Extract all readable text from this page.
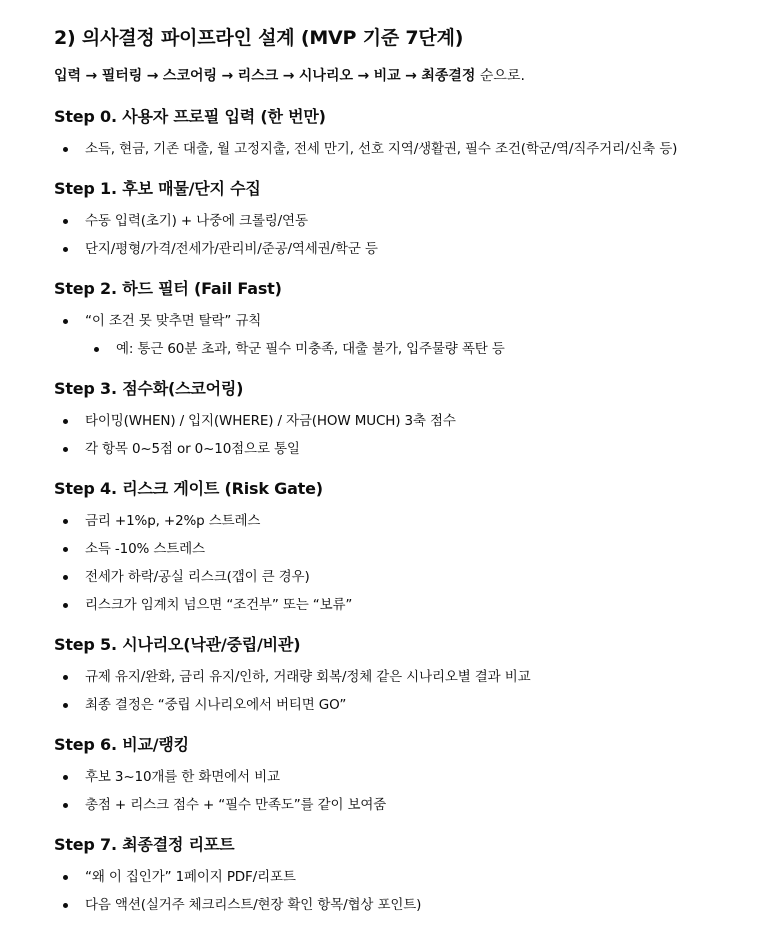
2) 의사결정 파이프라인 설계 (MVP 기준 7단계)

입력 → 필터링 → 스코어링 → 리스크 → 시나리오 → 비교 → 최종결정 순으로.

Step 0. 사용자 프로필 입력 (한 번만)
소득, 현금, 기존 대출, 월 고정지출, 전세 만기, 선호 지역/생활권, 필수 조건(학군/역/직주거리/신축 등)
Step 1. 후보 매물/단지 수집
수동 입력(초기) + 나중에 크롤링/연동
단지/평형/가격/전세가/관리비/준공/역세권/학군 등
Step 2. 하드 필터 (Fail Fast)
“이 조건 못 맞추면 탈락” 규칙
예: 통근 60분 초과, 학군 필수 미충족, 대출 불가, 입주물량 폭탄 등
Step 3. 점수화(스코어링)
타이밍(WHEN) / 입지(WHERE) / 자금(HOW MUCH) 3축 점수
각 항목 0~5점 or 0~10점으로 통일
Step 4. 리스크 게이트 (Risk Gate)
금리 +1%p, +2%p 스트레스
소득 -10% 스트레스
전세가 하락/공실 리스크(갭이 큰 경우)
리스크가 임계치 넘으면 “조건부” 또는 “보류”
Step 5. 시나리오(낙관/중립/비관)
규제 유지/완화, 금리 유지/인하, 거래량 회복/정체 같은 시나리오별 결과 비교
최종 결정은 “중립 시나리오에서 버티면 GO”
Step 6. 비교/랭킹
후보 3~10개를 한 화면에서 비교
총점 + 리스크 점수 + “필수 만족도”를 같이 보여줌
Step 7. 최종결정 리포트
“왜 이 집인가” 1페이지 PDF/리포트
다음 액션(실거주 체크리스트/현장 확인 항목/협상 포인트)
